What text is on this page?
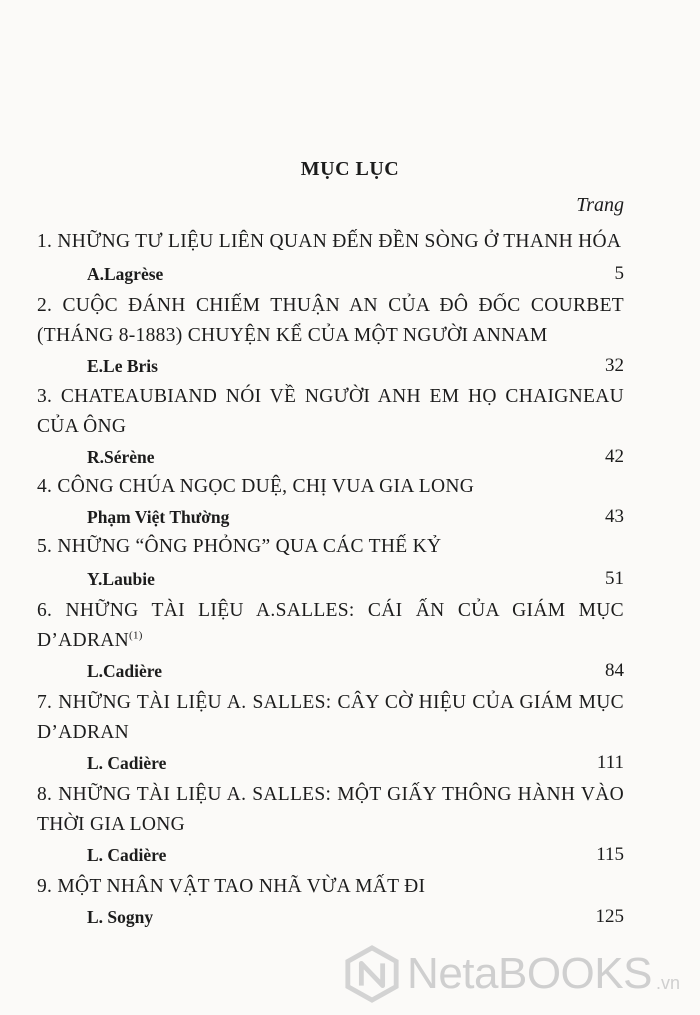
MỤC LỤC
Trang
1. NHỮNG TƯ LIỆU LIÊN QUAN ĐẾN ĐỀN SÒNG Ở THANH HÓA
A.Lagrèse	5
2. CUỘC ĐÁNH CHIẾM THUẬN AN CỦA ĐÔ ĐỐC COURBET (THÁNG 8-1883) CHUYỆN KỂ CỦA MỘT NGƯỜI ANNAM
E.Le Bris	32
3. CHATEAUBIAND NÓI VỀ NGƯỜI ANH EM HỌ CHAIGNEAU CỦA ÔNG
R.Sérène	42
4. CÔNG CHÚA NGỌC DUỆ, CHỊ VUA GIA LONG
Phạm Việt Thường	43
5. NHỮNG “ÔNG PHỎNG” QUA CÁC THẾ KỶ
Y.Laubie	51
6. NHỮNG TÀI LIỆU A.SALLES: CÁI ẤN CỦA GIÁM MỤC D’ADRAN$^{(1)}$
L.Cadière	84
7. NHỮNG TÀI LIỆU A. SALLES: CÂY CỜ HIỆU CỦA GIÁM MỤC D’ADRAN
L. Cadière	111
8. NHỮNG TÀI LIỆU A. SALLES: MỘT GIẤY THÔNG HÀNH VÀO THỜI GIA LONG
L. Cadière	115
9. MỘT NHÂN VẬT TAO NHÃ VỪA MẤT ĐI
L. Sogny	125
NetaBOOKS .vn
